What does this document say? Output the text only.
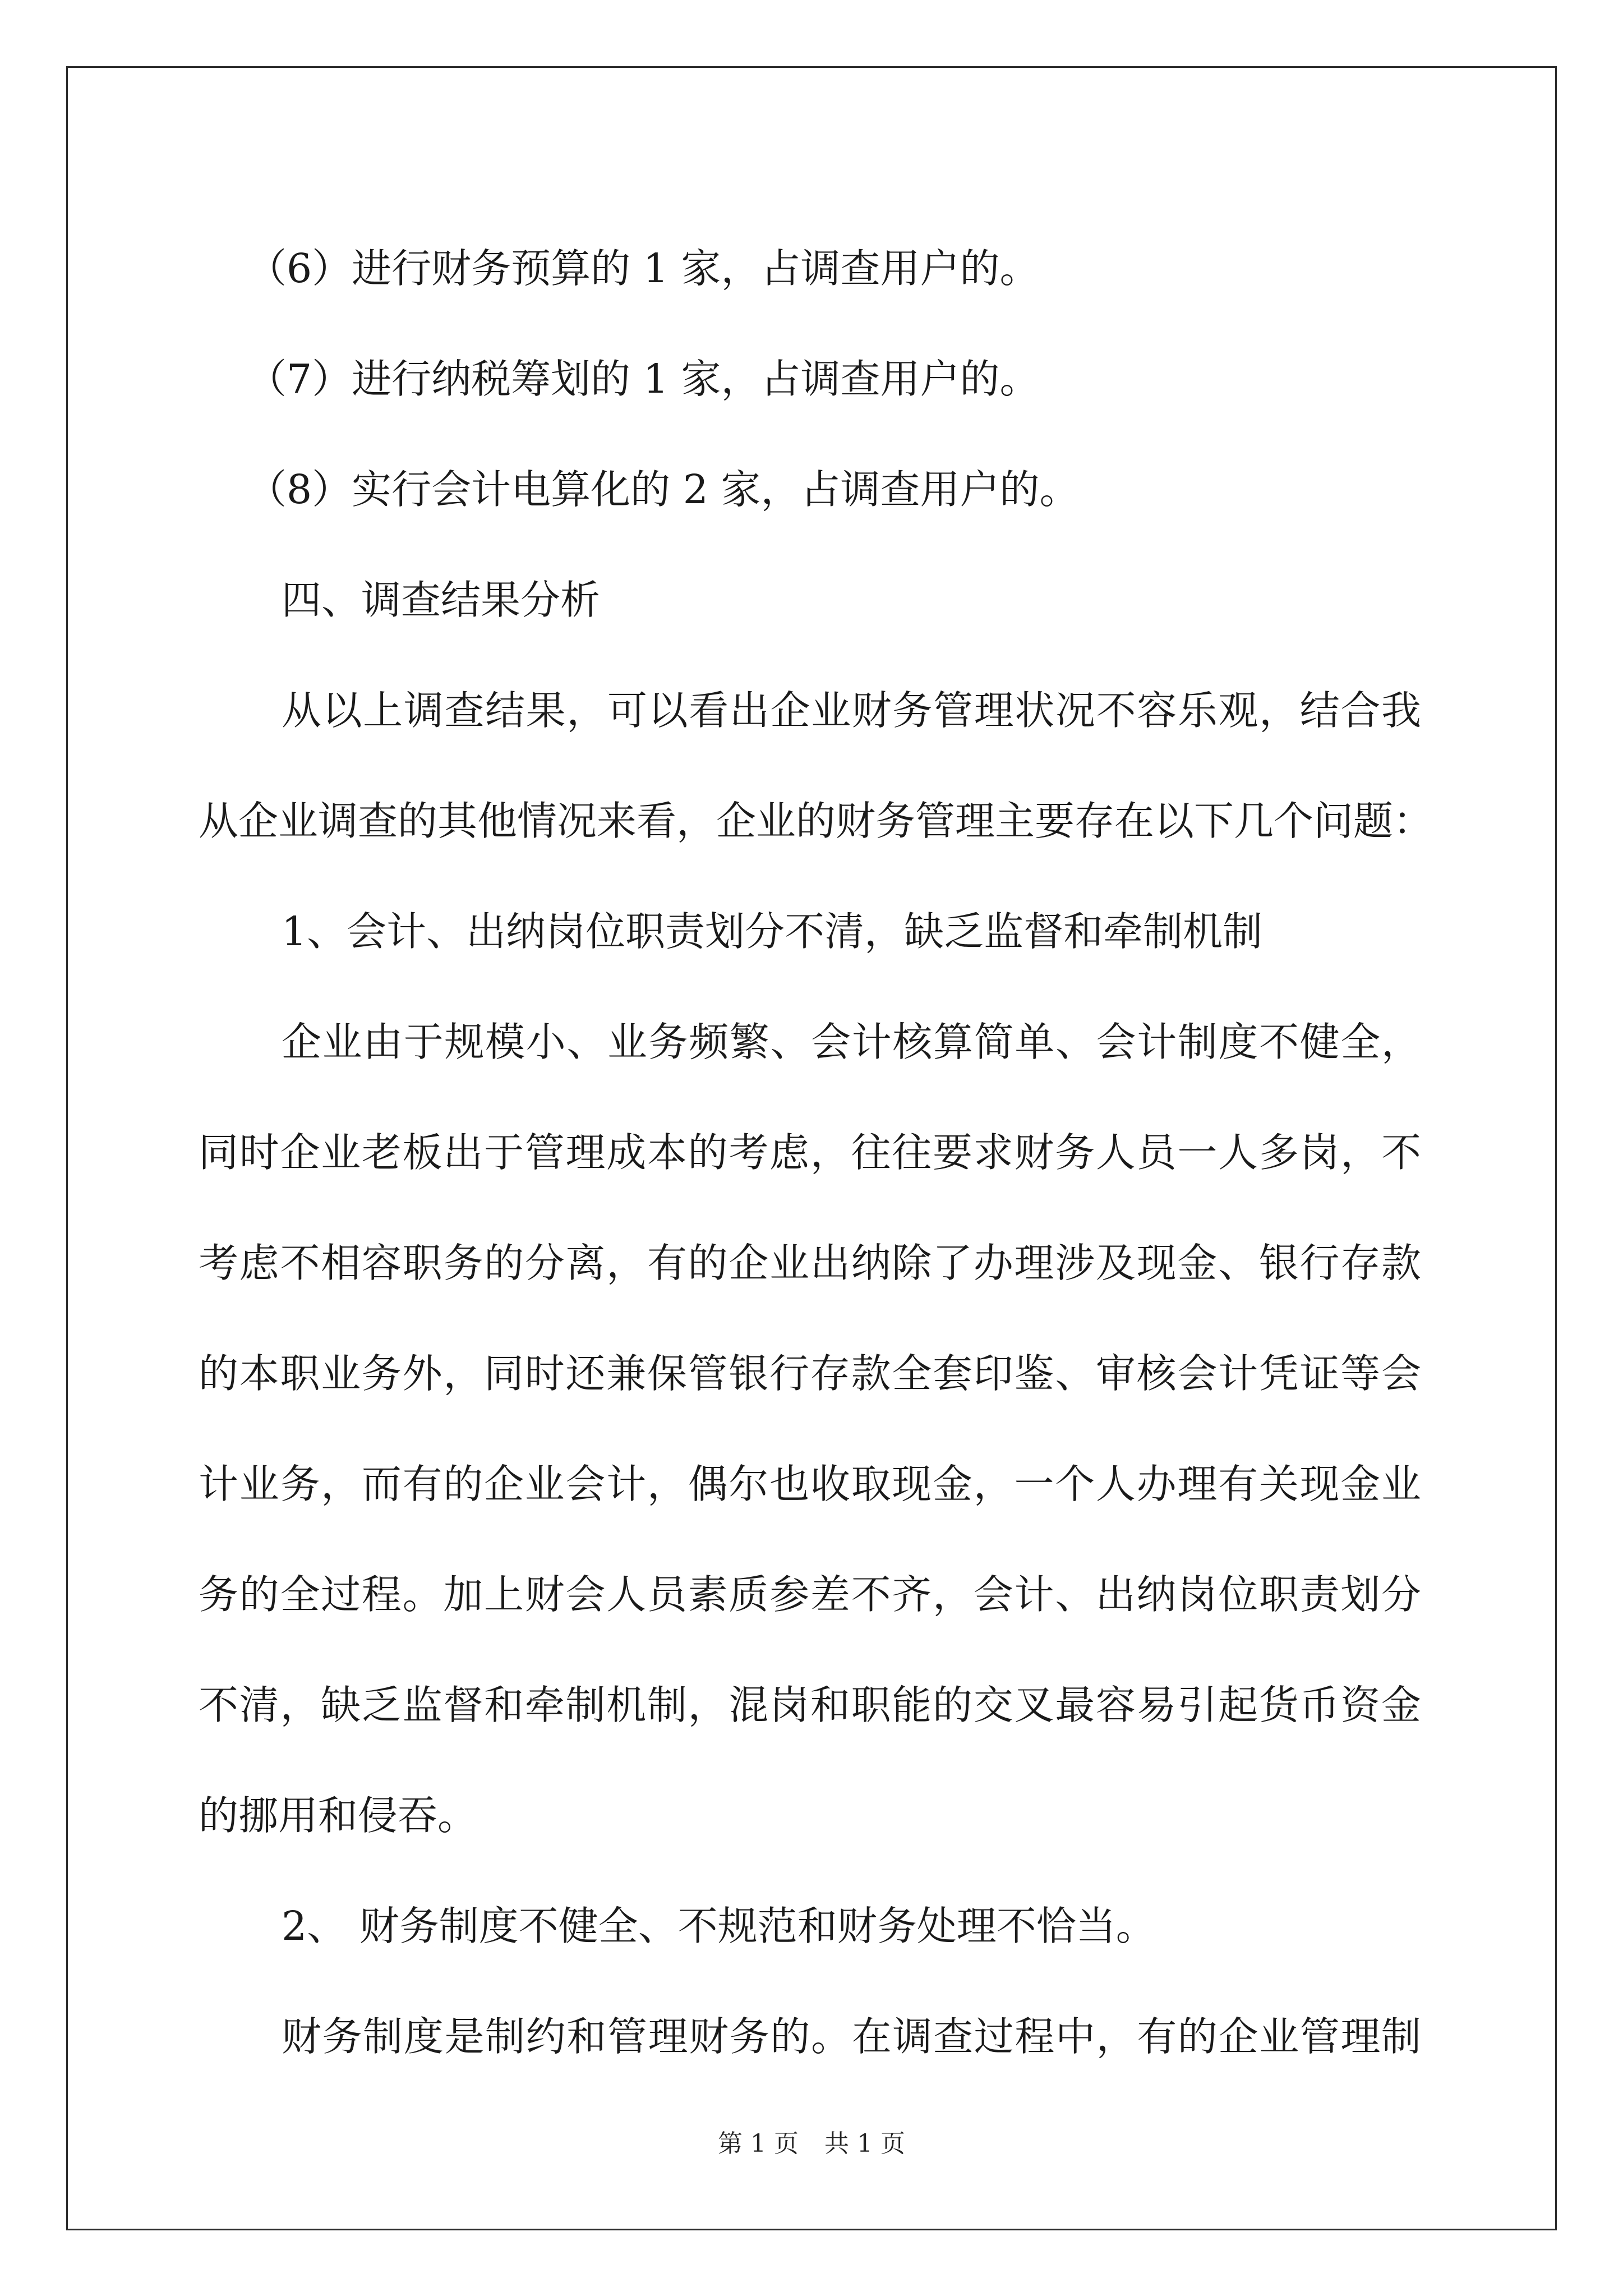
（6）进行财务预算的 1 家，占调查用户的。
（7）进行纳税筹划的 1 家，占调查用户的。
（8）实行会计电算化的 2 家，占调查用户的。
四、调查结果分析
从以上调查结果，可以看出企业财务管理状况不容乐观，结合我
从企业调查的其他情况来看，企业的财务管理主要存在以下几个问题：
1、会计、出纳岗位职责划分不清，缺乏监督和牵制机制
企业由于规模小、业务频繁、会计核算简单、会计制度不健全，
同时企业老板出于管理成本的考虑，往往要求财务人员一人多岗，不
考虑不相容职务的分离，有的企业出纳除了办理涉及现金、银行存款
的本职业务外，同时还兼保管银行存款全套印鉴、审核会计凭证等会
计业务，而有的企业会计，偶尔也收取现金，一个人办理有关现金业
务的全过程。加上财会人员素质参差不齐，会计、出纳岗位职责划分
不清，缺乏监督和牵制机制，混岗和职能的交叉最容易引起货币资金
的挪用和侵吞。
2、 财务制度不健全、不规范和财务处理不恰当。
财务制度是制约和管理财务的。在调查过程中，有的企业管理制
第 1 页 共 1 页
